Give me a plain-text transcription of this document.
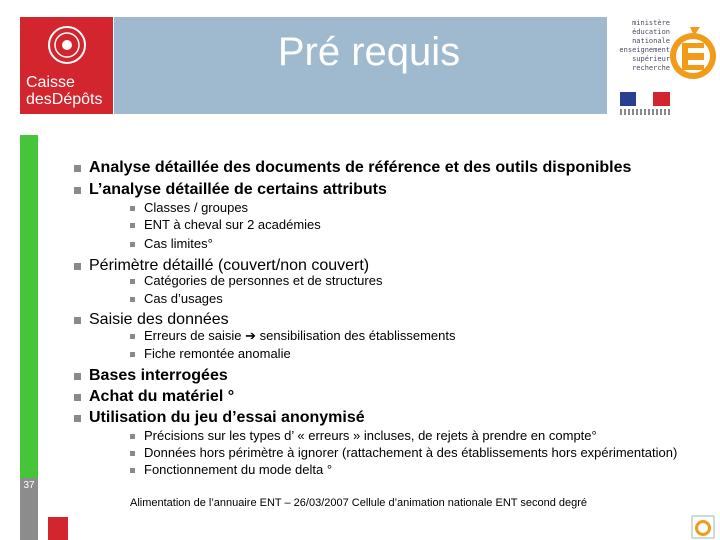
Caisse
desDépôts
Pré requis
ministère
éducation
nationale
enseignement
supérieur
recherche
37
Analyse détaillée des documents de référence et des outils disponibles
L’analyse détaillée de certains attributs
Classes / groupes
ENT à cheval sur 2 académies
Cas limites°
Périmètre détaillé (couvert/non couvert)
Catégories de personnes et de structures
Cas d’usages
Saisie des données
Erreurs de saisie ➔ sensibilisation des établissements
Fiche remontée anomalie
Bases interrogées
Achat du matériel °
Utilisation du jeu d’essai anonymisé
Précisions sur les types d’ « erreurs » incluses, de rejets à prendre en compte°
Données hors périmètre à ignorer (rattachement à des établissements hors expérimentation)
Fonctionnement du mode delta °
Alimentation de l’annuaire ENT – 26/03/2007 Cellule d’animation nationale ENT second degré
